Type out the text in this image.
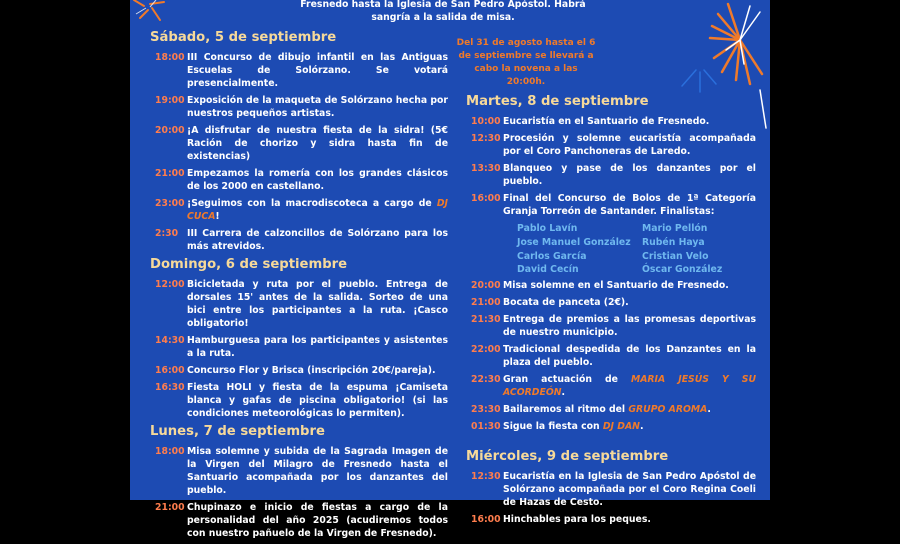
Fresnedo hasta la Iglesia de San Pedro Apóstol. Habrá sangría a la salida de misa.
Sábado, 5 de septiembre
18:00 III Concurso de dibujo infantil en las Antiguas Escuelas de Solórzano. Se votará presencialmente.
19:00 Exposición de la maqueta de Solórzano hecha por nuestros pequeños artistas.
20:00 ¡A disfrutar de nuestra fiesta de la sidra! (5€ Ración de chorizo y sidra hasta fin de existencias)
21:00 Empezamos la romería con los grandes clásicos de los 2000 en castellano.
23:00 ¡Seguimos con la macrodiscoteca a cargo de DJ CUCA!
2:30 III Carrera de calzoncillos de Solórzano para los más atrevidos.
Domingo, 6 de septiembre
12:00 Bicicletada y ruta por el pueblo. Entrega de dorsales 15' antes de la salida. Sorteo de una bici entre los participantes a la ruta. ¡Casco obligatorio!
14:30 Hamburguesa para los participantes y asistentes a la ruta.
16:00 Concurso Flor y Brisca (inscripción 20€/pareja).
16:30 Fiesta HOLI y fiesta de la espuma ¡Camiseta blanca y gafas de piscina obligatorio! (si las condiciones meteorológicas lo permiten).
Lunes, 7 de septiembre
18:00 Misa solemne y subida de la Sagrada Imagen de la Virgen del Milagro de Fresnedo hasta el Santuario acompañada por los danzantes del pueblo.
21:00 Chupinazo e inicio de fiestas a cargo de la personalidad del año 2025 (acudiremos todos con nuestro pañuelo de la Virgen de Fresnedo).
Del 31 de agosto hasta el 6 de septiembre se llevará a cabo la novena a las 20:00h.
Martes, 8 de septiembre
10:00 Eucaristía en el Santuario de Fresnedo.
12:30 Procesión y solemne eucaristía acompañada por el Coro Panchoneras de Laredo.
13:30 Blanqueo y pase de los danzantes por el pueblo.
16:00 Final del Concurso de Bolos de 1ª Categoría Granja Torreón de Santander. Finalistas:
Pablo Lavín	Mario Pellón
Jose Manuel González	Rubén Haya
Carlos García	Cristian Velo
David Cecín	Óscar González
20:00 Misa solemne en el Santuario de Fresnedo.
21:00 Bocata de panceta (2€).
21:30 Entrega de premios a las promesas deportivas de nuestro municipio.
22:00 Tradicional despedida de los Danzantes en la plaza del pueblo.
22:30 Gran actuación de MARIA JESÚS Y SU ACORDEÓN.
23:30 Bailaremos al ritmo del GRUPO AROMA.
01:30 Sigue la fiesta con DJ DAN.
Miércoles, 9 de septiembre
12:30 Eucaristía en la Iglesia de San Pedro Apóstol de Solórzano acompañada por el Coro Regina Coeli de Hazas de Cesto.
16:00 Hinchables para los peques.
